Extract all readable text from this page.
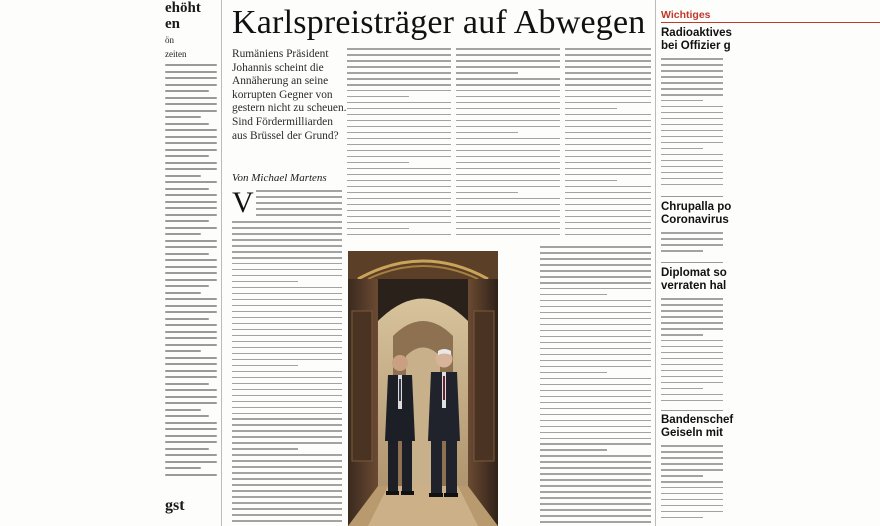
ehöht
en
ön
zeiten
gst
Karlspreisträger auf Abwegen

Rumäniens Präsident Johannis scheint die Annäherung an seine korrupten Gegner von gestern nicht zu scheuen. Sind Fördermilliarden aus Brüssel der Grund?

Von Michael Martens
V
Wichtiges
Radioaktives
bei Offizier g
Chrupalla po
Coronavirus
Diplomat so
verraten hal
Bandenschef
Geiseln mit
